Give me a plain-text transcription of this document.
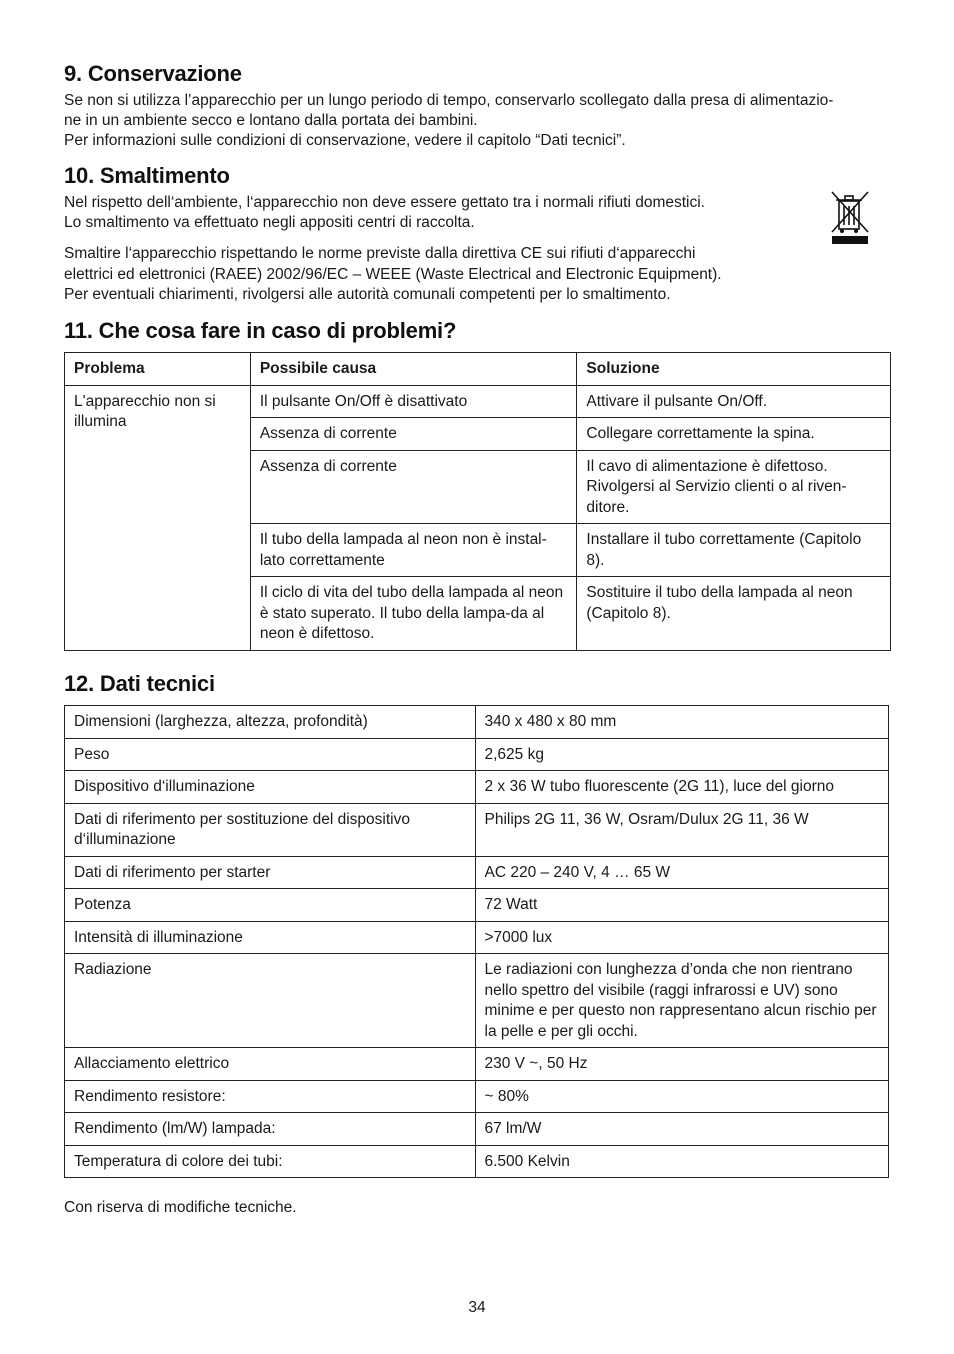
9. Conservazione

Se non si utilizza l’apparecchio per un lungo periodo di tempo, conservarlo scollegato dalla presa di alimentazio-

ne in un ambiente secco e lontano dalla portata dei bambini.

Per informazioni sulle condizioni di conservazione, vedere il capitolo “Dati tecnici”.

10. Smaltimento

Nel rispetto dell‘ambiente, l‘apparecchio non deve essere gettato tra i normali rifiuti domestici.

Lo smaltimento va effettuato negli appositi centri di raccolta.

Smaltire l‘apparecchio rispettando le norme previste dalla direttiva CE sui rifiuti d‘apparecchi

elettrici ed elettronici (RAEE) 2002/96/EC – WEEE (Waste Electrical and Electronic Equipment).

Per eventuali chiarimenti, rivolgersi alle autorità comunali competenti per lo smaltimento.

11. Che cosa fare in caso di problemi?
Problema	Possibile causa	Soluzione
L'apparecchio non si illumina	Il pulsante On/Off è disattivato	Attivare il pulsante On/Off.
	Assenza di corrente	Collegare correttamente la spina.
	Assenza di corrente	Il cavo di alimentazione è difettoso. Rivolgersi al Servizio clienti o al riven-ditore.
	Il tubo della lampada al neon non è instal-lato correttamente	Installare il tubo correttamente (Capitolo 8).
	Il ciclo di vita del tubo della lampada al neon è stato superato. Il tubo della lampa-da al neon è difettoso.	Sostituire il tubo della lampada al neon (Capitolo 8).
12. Dati tecnici
Dimensioni (larghezza, altezza, profondità)	340 x 480 x 80 mm
Peso	2,625 kg
Dispositivo d‘illuminazione	2 x 36 W tubo fluorescente (2G 11), luce del giorno
Dati di riferimento per sostituzione del dispositivo d‘illuminazione	Philips 2G 11, 36 W, Osram/Dulux 2G 11, 36 W
Dati di riferimento per starter	AC 220 – 240 V, 4 … 65 W
Potenza	72 Watt
Intensità di illuminazione	>7000 lux
Radiazione	Le radiazioni con lunghezza d’onda che non rientrano nello spettro del visibile (raggi infrarossi e UV) sono minime e per questo non rappresentano alcun rischio per la pelle e per gli occhi.
Allacciamento elettrico	230 V ~, 50 Hz
Rendimento resistore:	~ 80%
Rendimento (lm/W) lampada:	67 lm/W
Temperatura di colore dei tubi:	6.500 Kelvin

Con riserva di modifiche tecniche.

34
